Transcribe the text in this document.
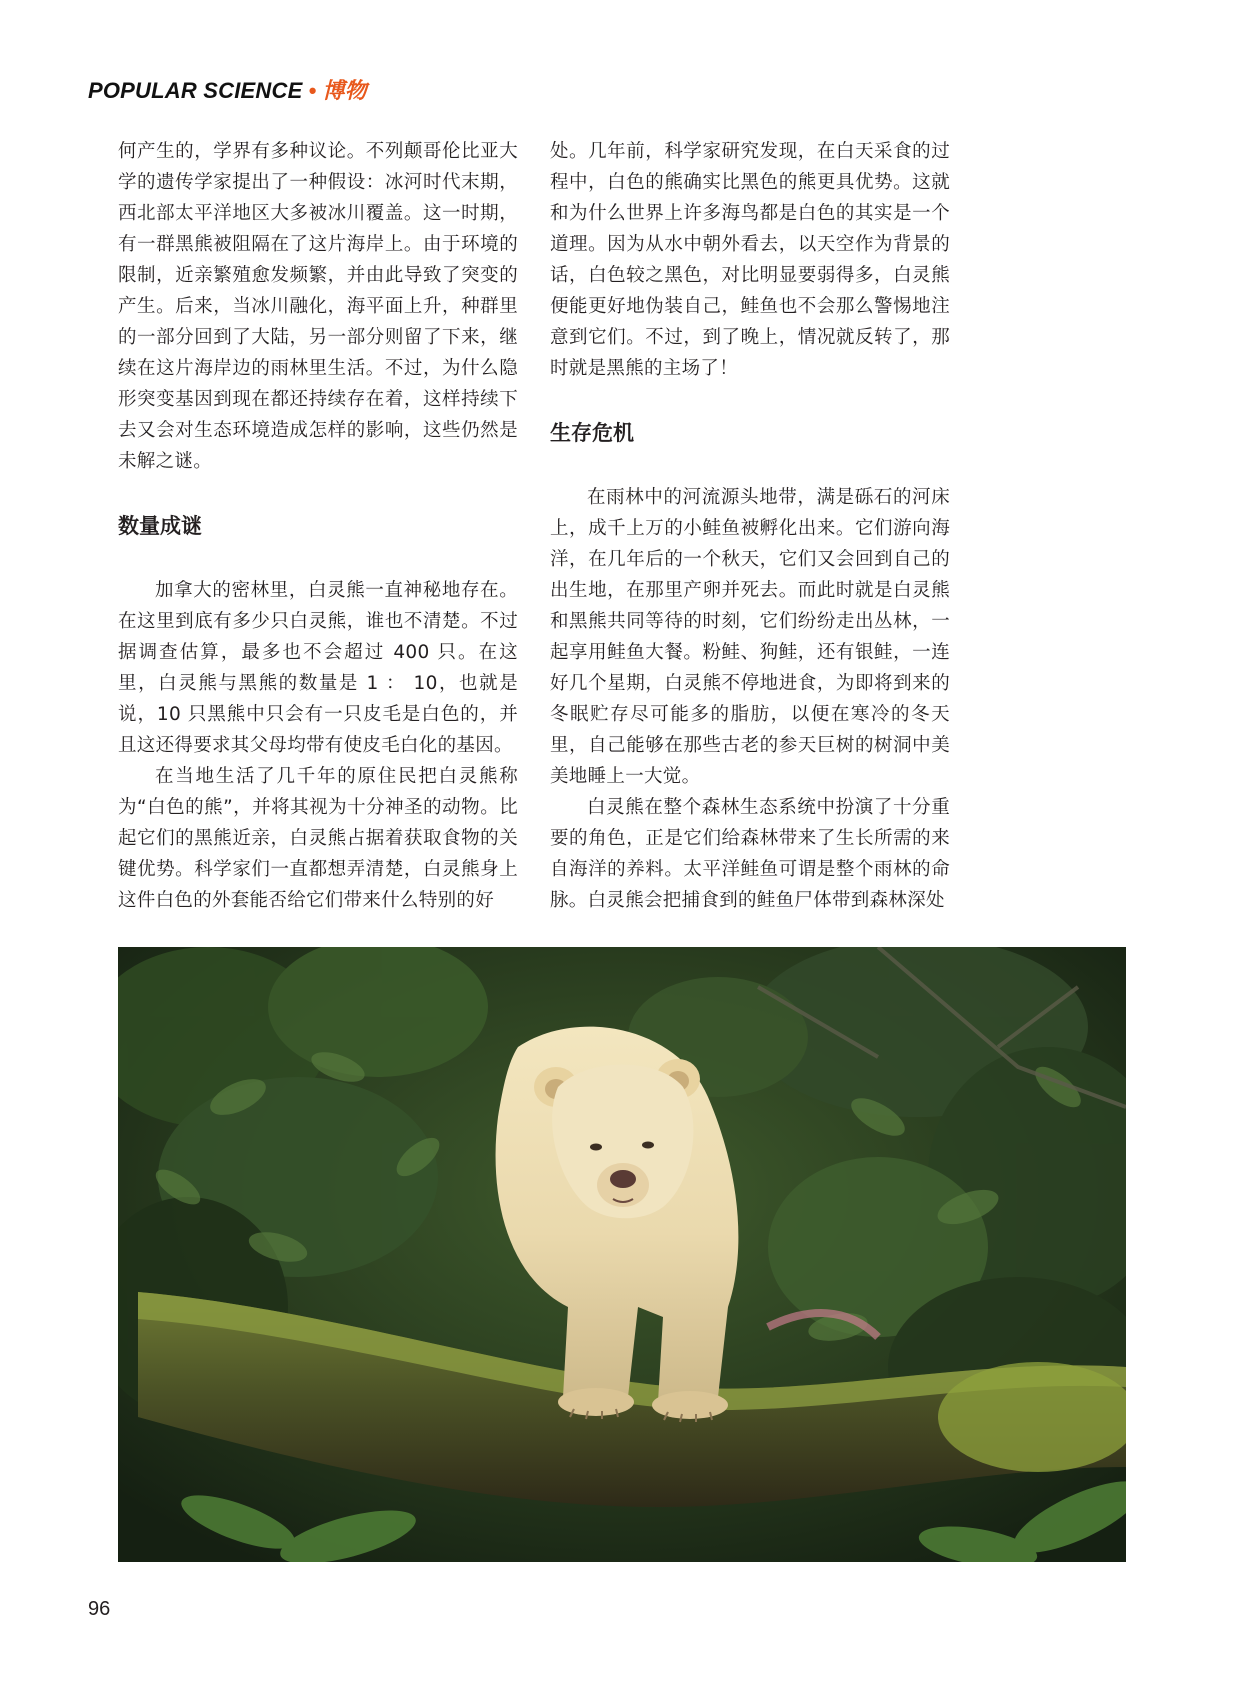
POPULAR SCIENCE • 博物

何产生的，学界有多种议论。不列颠哥伦比亚大学的遗传学家提出了一种假设：冰河时代末期，西北部太平洋地区大多被冰川覆盖。这一时期，有一群黑熊被阻隔在了这片海岸上。由于环境的限制，近亲繁殖愈发频繁，并由此导致了突变的产生。后来，当冰川融化，海平面上升，种群里的一部分回到了大陆，另一部分则留了下来，继续在这片海岸边的雨林里生活。不过，为什么隐形突变基因到现在都还持续存在着，这样持续下去又会对生态环境造成怎样的影响，这些仍然是未解之谜。

数量成谜

加拿大的密林里，白灵熊一直神秘地存在。在这里到底有多少只白灵熊，谁也不清楚。不过据调查估算，最多也不会超过 400 只。在这里，白灵熊与黑熊的数量是 1 ： 10，也就是说，10 只黑熊中只会有一只皮毛是白色的，并且这还得要求其父母均带有使皮毛白化的基因。

在当地生活了几千年的原住民把白灵熊称为“白色的熊”，并将其视为十分神圣的动物。比起它们的黑熊近亲，白灵熊占据着获取食物的关键优势。科学家们一直都想弄清楚，白灵熊身上这件白色的外套能否给它们带来什么特别的好

处。几年前，科学家研究发现，在白天采食的过程中，白色的熊确实比黑色的熊更具优势。这就和为什么世界上许多海鸟都是白色的其实是一个道理。因为从水中朝外看去，以天空作为背景的话，白色较之黑色，对比明显要弱得多，白灵熊便能更好地伪装自己，鲑鱼也不会那么警惕地注意到它们。不过，到了晚上，情况就反转了，那时就是黑熊的主场了！

生存危机

在雨林中的河流源头地带，满是砾石的河床上，成千上万的小鲑鱼被孵化出来。它们游向海洋，在几年后的一个秋天，它们又会回到自己的出生地，在那里产卵并死去。而此时就是白灵熊和黑熊共同等待的时刻，它们纷纷走出丛林，一起享用鲑鱼大餐。粉鲑、狗鲑，还有银鲑，一连好几个星期，白灵熊不停地进食，为即将到来的冬眠贮存尽可能多的脂肪，以便在寒冷的冬天里，自己能够在那些古老的参天巨树的树洞中美美地睡上一大觉。

白灵熊在整个森林生态系统中扮演了十分重要的角色，正是它们给森林带来了生长所需的来自海洋的养料。太平洋鲑鱼可谓是整个雨林的命脉。白灵熊会把捕食到的鲑鱼尸体带到森林深处

96
